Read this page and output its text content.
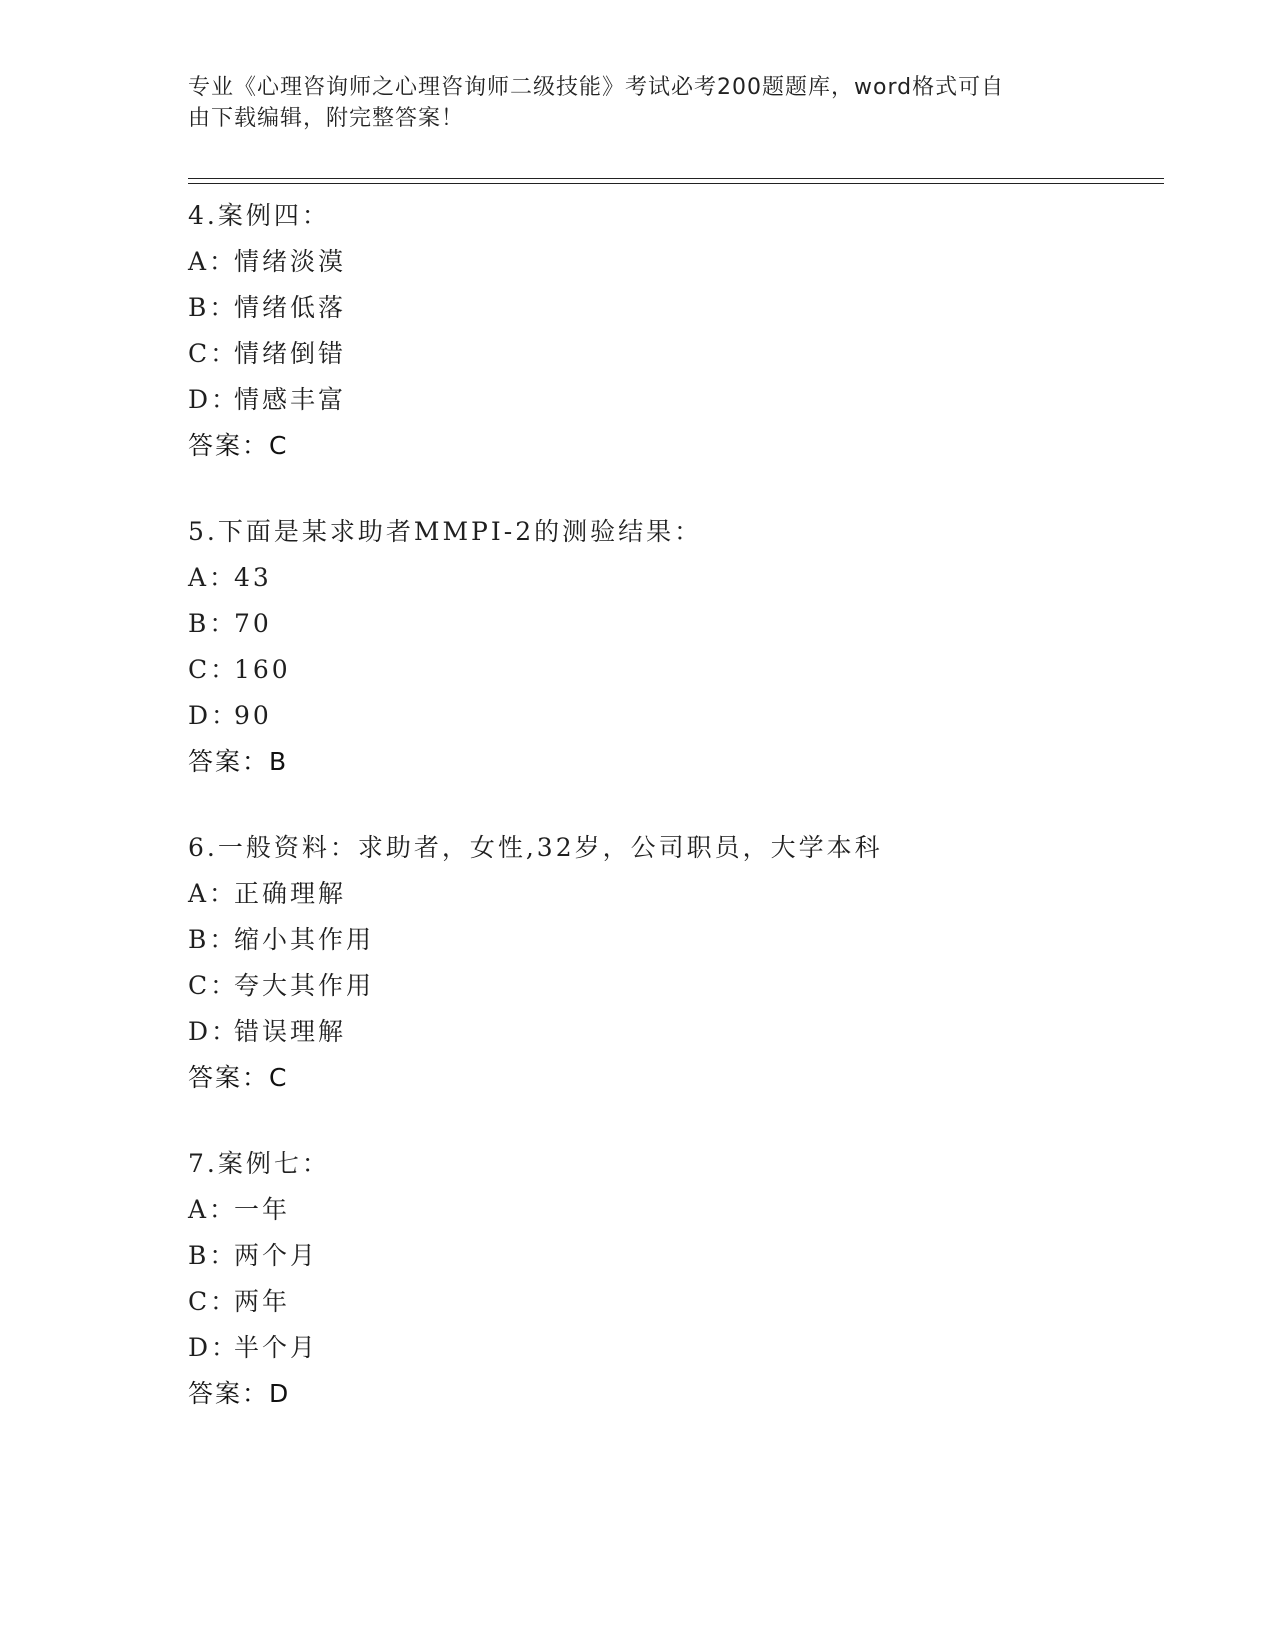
专业《心理咨询师之心理咨询师二级技能》考试必考200题题库，word格式可自
由下载编辑，附完整答案！
4.案例四：
A：情绪淡漠
B：情绪低落
C：情绪倒错
D：情感丰富
答案：C
5.下面是某求助者MMPI-2的测验结果：
A：43
B：70
C：160
D：90
答案：B
6.一般资料：求助者，女性,32岁，公司职员，大学本科
A：正确理解
B：缩小其作用
C：夸大其作用
D：错误理解
答案：C
7.案例七：
A：一年
B：两个月
C：两年
D：半个月
答案：D
